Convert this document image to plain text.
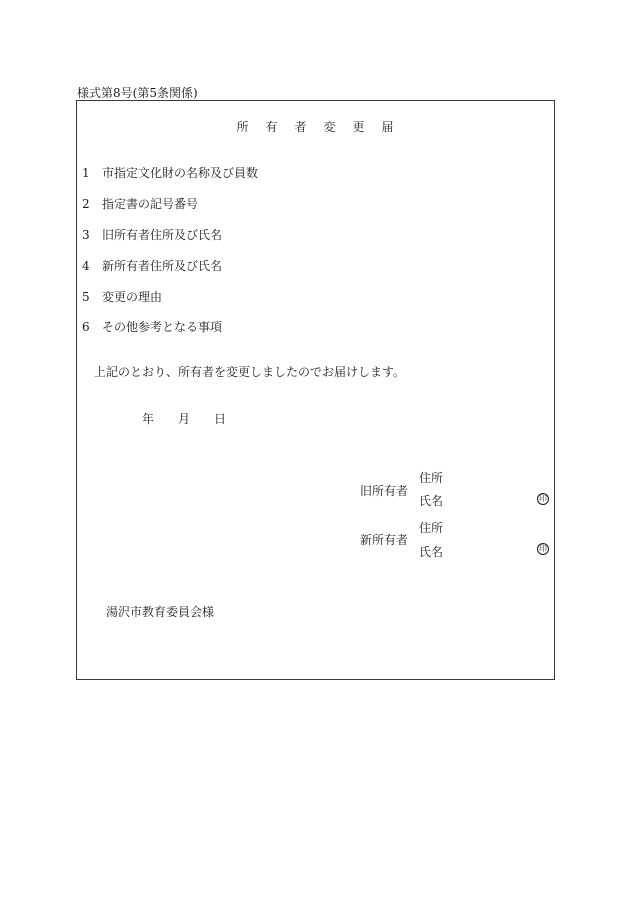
様式第8号(第5条関係)
所有者変更届
1 市指定文化財の名称及び員数
2 指定書の記号番号
3 旧所有者住所及び氏名
4 新所有者住所及び氏名
5 変更の理由
6 その他参考となる事項
上記のとおり、所有者を変更しましたのでお届けします。
年 月 日
旧所有者
住所
氏名	印
新所有者
住所
氏名	印
湯沢市教育委員会様
